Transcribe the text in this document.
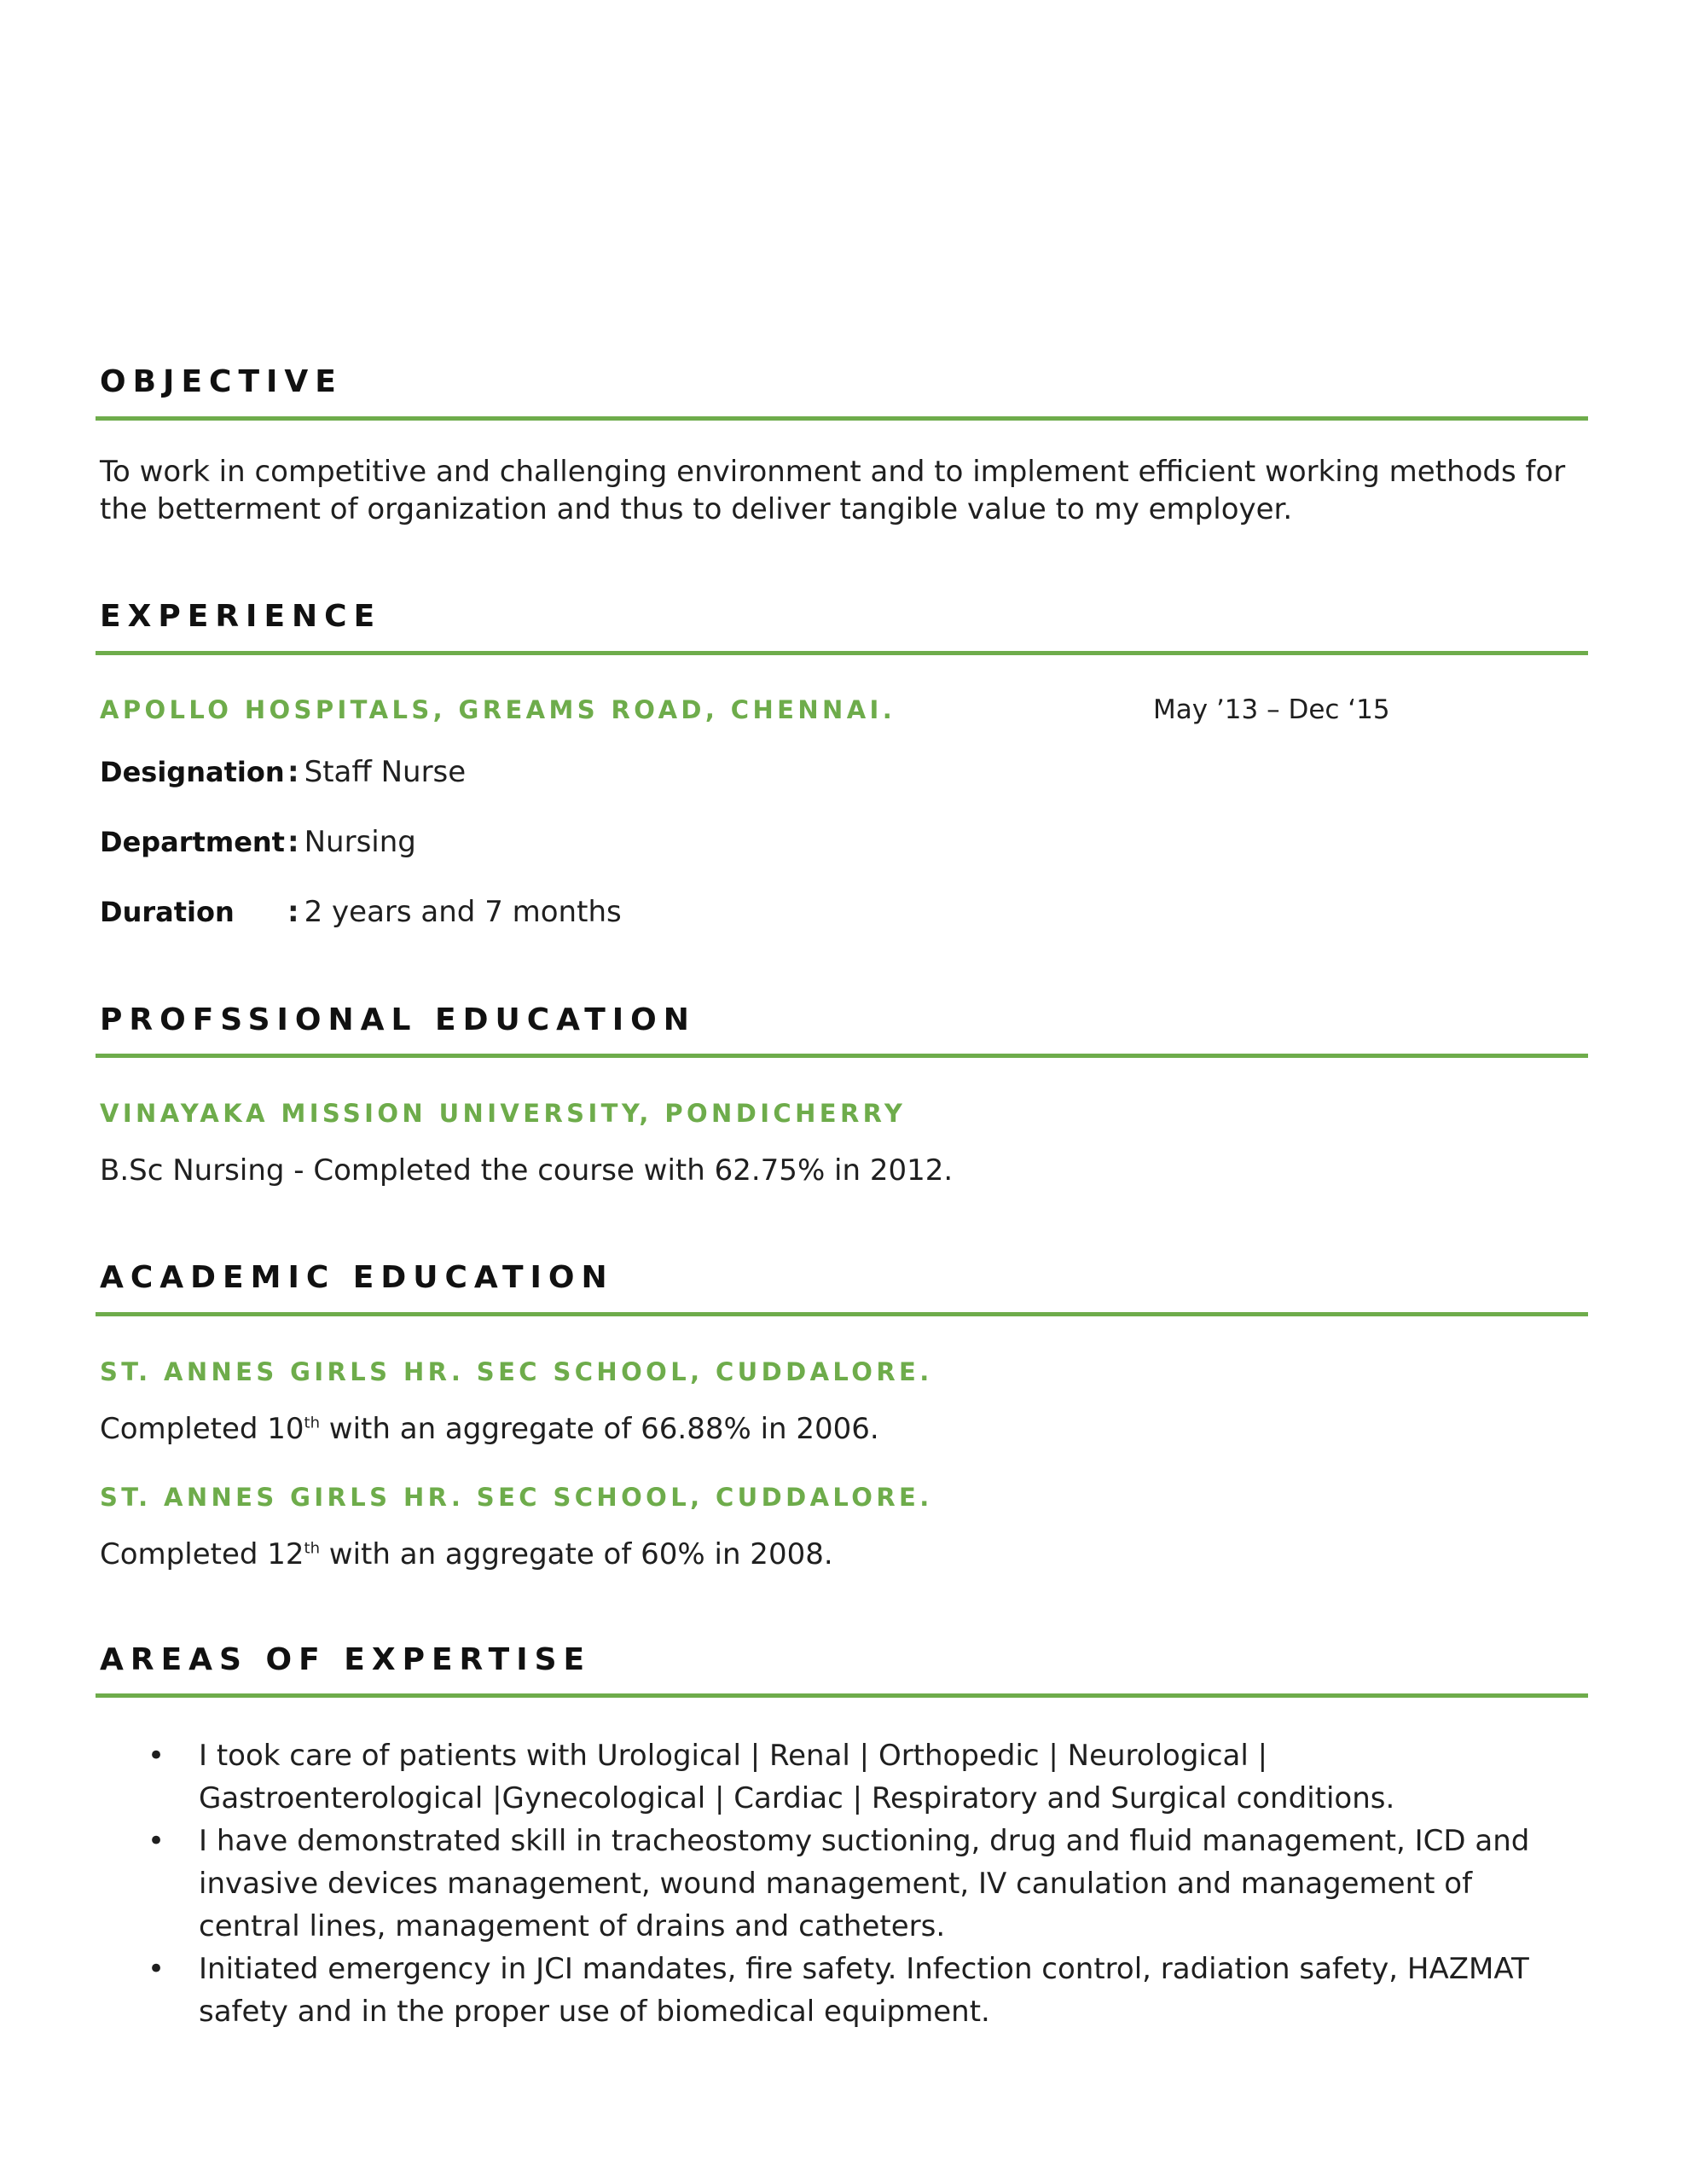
OBJECTIVE

To work in competitive and challenging environment and to implement efficient working methods for

the betterment of organization and thus to deliver tangible value to my employer.

EXPERIENCE

APOLLO HOSPITALS, GREAMS ROAD, CHENNAI.	May ’13 – Dec ‘15
Designation : Staff Nurse
Department : Nursing
Duration : 2 years and 7 months
PROFSSIONAL EDUCATION

VINAYAKA MISSION UNIVERSITY, PONDICHERRY

B.Sc Nursing - Completed the course with 62.75% in 2012.

ACADEMIC EDUCATION

ST. ANNES GIRLS HR. SEC SCHOOL, CUDDALORE.

Completed 10th with an aggregate of 66.88% in 2006.

ST. ANNES GIRLS HR. SEC SCHOOL, CUDDALORE.

Completed 12th with an aggregate of 60% in 2008.

AREAS OF EXPERTISE
• I took care of patients with Urological | Renal | Orthopedic | Neurological |
Gastroenterological |Gynecological | Cardiac | Respiratory and Surgical conditions.
• I have demonstrated skill in tracheostomy suctioning, drug and fluid management, ICD and
invasive devices management, wound management, IV canulation and management of
central lines, management of drains and catheters.
• Initiated emergency in JCI mandates, fire safety. Infection control, radiation safety, HAZMAT
safety and in the proper use of biomedical equipment.
